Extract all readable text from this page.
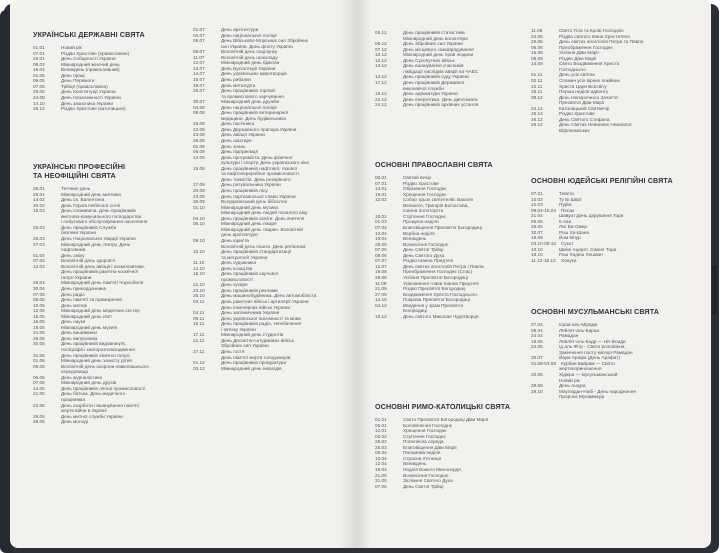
УКРАЇНСЬКІ ДЕРЖАВНІ СВЯТА
01.01	Новий рік
07.01	Різдво Христове (православне)
22.01	День Соборності України
08.03	Міжнародний жіночий день
19.04	Великдень (православний)
01.05	День праці
09.05	День Перемоги
07.06	Трійця (православна)
28.06	День Конституції України
24.08	День Незалежності України
14.10	День захисника України
25.12	Різдво Христове (католицьке)
УКРАЇНСЬКІ ПРОФЕСІЙНІ
ТА НЕОФІЦІЙНІ СВЯТА
25.01	Тетянин день
26.01	Міжнародний день митника
14.02	День св. Валентина
20.02	День Героїв Небесної сотні
15.03	День споживача. День працівників
житлово-комунального господарства
і побутового обслуговування населення
25.03	День працівників Служби
безпеки України
26.03	День Національної гвардії України
27.03	Міжнародний день театру. День
нафтовиків
01.04	День сміху
07.04	Всесвітній день здоров'я
12.04	Всесвітній день авіації і космонавтики.
День працівників ракетно-космічної
галузі України
26.04	Міжнародний день пам'яті Чорнобиля
30.04	День прикордонника
07.05	День радіо
08.05	День пам'яті та примирення
10.05	День матері
12.05	Міжнародний день медичних сестер
15.05	Міжнародний день сім'ї
16.05	День науки
18.05	Міжнародний день музеїв
21.05	День вишиванки
25.05	День випускника
30.05	День працівників видавництв,
поліграфії і книгорозповсюдження
31.05	День працівників хімічної галузі
01.06	Міжнародний день захисту дітей
05.06	Всесвітній день охорони навколишнього
середовища
06.06	День журналістики
07.06	Міжнародний день друзів
14.06	День працівників легкої промисловості
21.06	День батька. День медичного
працівника
22.06	День скорботи і вшанування пам'яті
жертв війни в Україні
25.06	День митної служби України
28.06	День молоді
01.07	День архітектури
04.07	День національної поліції
05.07	День Військово-Морських сил Збройних
сил України. День флоту України
06.07	Всесвітній день поцілунку
11.07	Всесвітній день шоколаду
12.07	Міжнародний день бджоли
13.07	День Бухгалтерії України
14.07	День українських миротворців
15.07	День рибалки
19.07	День металурга
26.07	День працівників торгівлі
та промислового харчування
30.07	Міжнародний день дружби
04.08	День національної поліції
09.08	День працівників ветеринарної
медицини. День будівельника
19.08	День пасічника
22.08	День Державного прапора України
23.08	День авіації України
26.08	День шахтаря
01.09	День знань
06.09	День підприємця
12.09	День програміста. День фізичної
культури і спорту. День українського кіно
15.09	День працівників нафтової, газової
та нафтопереробної промисловості.
День танкістів. День резервного
17.09	День ратувальника України
20.09	День працівників лісу
23.09	День партизанської слави України
30.09	Всеукраїнський день бібліотек
01.10	Міжнародний день музики.
Міжнародний день людей похилого віку
04.10	День працівників освіти. День вчителя
05.10	Міжнародний день лікаря
Міжнародний день тварин. Всесвітній
день архітектури
09.10	День юриста
Всесвітній день пошти. День рятівника
10.10	День працівників стандартизації
та метрології України
11.10	День художника
14.10	День козацтва
15.10	День працівників харчової
промисловості
21.10	День кухаря
23.10	День працівників реклами
25.10	День машинобудівника. День автомобіліста
03.11	День ракетних військ і артилерії України
День інженерних військ України
04.11	День залізничника України
09.11	День української писемності та мови
16.11	День працівників радіо, телебачення
і зв'язку України
17.11	Міжнародний день студентів
21.11	День Десантно-штурмових військ
Збройних сил України
27.11	День гостя
День пам'яті жертв голодоморів
01.12	День працівників прокуратури
03.12	Міжнародний день інвалідів
05.12	День працівників статистики
Міжнародний день волонтера
06.12	День Збройних сил України
07.12	День місцевого самоврядування
10.12	Міжнародний день прав людини
12.12	День Сухопутних військ
13.12	День вшанування учасників
ліквідації наслідків аварії на ЧАЕС
14.12	День працівників суду України
17.12	День працівників Державної
виконавчої служби
19.12	День адвокатури України
22.12	День енергетика. День дипломата
24.12	День працівників архівних установ
ОСНОВНІ ПРАВОСЛАВНІ СВЯТА
06.01	Святий вечір
07.01	Різдво Христове
14.01	Обрізання Господнє
19.01	Хрещення Господнє
12.02	Собор трьох святителів: Василя
Великого, Григорія Богослова,
Іоанна Золотоуста
15.02	Стрітення Господнє
01.03	Прощена неділя
07.04	Благовіщення Пресвятої Богородиці
12.04	Вербна неділя
19.04	Великдень
28.05	Вознесіння Господнє
07.06	День Святої Трійці
08.06	День Святого Духа
07.07	Різдво Іоанна Предтечі
12.07	День святих апостолів Петра і Павла
19.08	Преображення Господнє (Спас)
28.08	Успіння Пресвятої Богородиці
11.09	Усікновення глави Іоанна Предтечі
21.09	Різдво Пресвятої Богородиці
27.09	Воздвиження Хреста Господнього
14.10	Покрова Пресвятої Богородиці
04.12	Введення у храм Пресвятої
Богородиці
19.12	День святого Миколая Чудотворця
ОСНОВНІ РИМО-КАТОЛИЦЬКІ СВЯТА
01.01	Свято Пресвятої Богородиці Діви Марії
06.01	Богоявлення Господнє
12.01	Хрещення Господнє
02.02	Стрітення Господнє
26.02	Попелясна середа
25.03	Благовіщення Діви Марії
05.04	Пальмова неділя
10.04	Страсна п'ятниця
12.04	Великдень
19.04	Неділя Божого Милосердя
21.05	Вознесіння Господнє
31.05	Зіслання Святого Духа
07.06	День Святої Трійці
11.06	Свято Тіла та Крові Господніх
24.06	Різдво святого Івана Хрестителя
29.06	День святих апостолів Петра та Павла
06.08	Преображення Господнє
15.08	Успіння Діви Марії
08.09	Різдво Діви Марії
14.09	Свято Воздвиження Хреста
Господнього
01.11	День усіх святих
02.11	Спомин усіх вірних покійних
22.11	Христа Царя Всесвіту
29.11	Перша неділя адвенту
08.12	День Непорочного Зачаття
Пресвятої Діви Марії
24.12	Католицький Святвечір
25.12	Різдво Христове
26.12	День Святого Стефана
28.12	День Святих Невинних Немовлят
Віфлеємських
ОСНОВНІ ЮДЕЙСЬКІ РЕЛІГІЙНІ СВЯТА
07.01	Тевета
10.02	Ту Бі Шват
10.03	Пурім
09.04-15.04 Песах
21.04	Шавуот День дарування Тори
05.05	5 Ава
29.05	Лаг Ба-Омер
30.07	Рош Ха-Шана
19.09	Йом Кіпур
03.10-09.10 Сукот
10.10	Шміні Ацерет, Сімхат Тора
18.10	Рош Ходеш Хешван
11.12-18.12 Ханука
ОСНОВНІ МУСУЛЬМАНСЬКІ СВЯТА
07.04	Ісраа-аль-Мірадж
08.04	Лейлят-аль-Бараа
24.04	Рамадан
19.05	Лейлят-аль-Кадр — Ніч Влади
24.05	Ід аль-Фітр - Свято розговіння.
Закінчення посту місяця Рамадан
30.07	Йаум Арафа (День Арафат)
01.08-03.08 Курбан Байрам — Свято
жертвоприношення
20.08	Хіджра — мусульманський
Новий рік
29.08	День Ашура
29.10	Маулюдан-Набі - День народження
Пророка Мухаммеда
